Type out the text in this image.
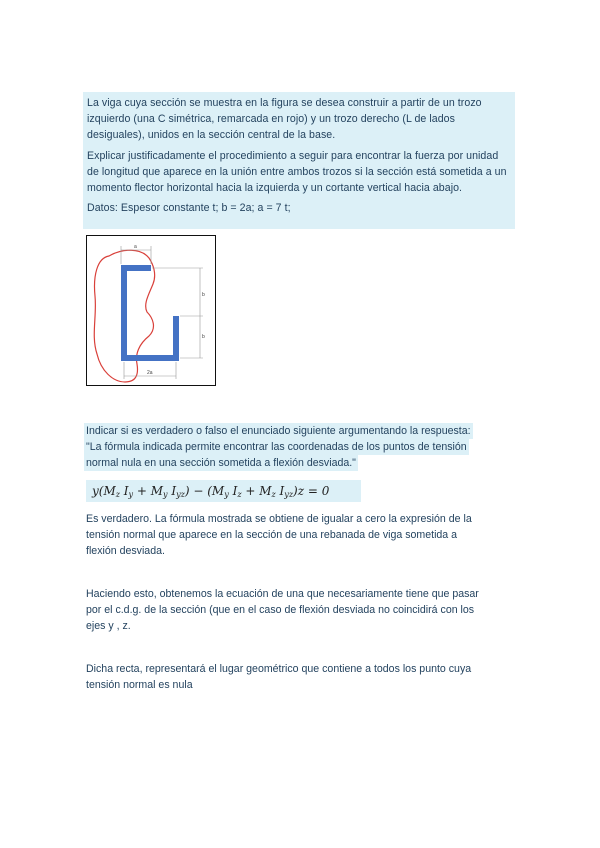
La viga cuya sección se muestra en la figura se desea construir a partir de un trozo izquierdo (una C simétrica, remarcada en rojo) y un trozo derecho (L de lados desiguales), unidos en la sección central de la base.

Explicar justificadamente el procedimiento a seguir para encontrar la fuerza por unidad de longitud que aparece en la unión entre ambos trozos si la sección está sometida a un momento flector horizontal hacia la izquierda y un cortante vertical hacia abajo.

Datos: Espesor constante t; b = 2a; a = 7 t;

a
b
b
2a
Indicar si es verdadero o falso el enunciado siguiente argumentando la respuesta:
"La fórmula indicada permite encontrar las coordenadas de los puntos de tensión
normal nula en una sección sometida a flexión desviada."
$y(M_z$ $I_y + M_y$ $I_{yz}) - (M_y$ $I_z + M_z$ $I_{yz})z = 0$

Es verdadero. La fórmula mostrada se obtiene de igualar a cero la expresión de la

tensión normal que aparece en la sección de una rebanada de viga sometida a

flexión desviada.

Haciendo esto, obtenemos la ecuación de una que necesariamente tiene que pasar

por el c.d.g. de la sección (que en el caso de flexión desviada no coincidirá con los

ejes y , z.

Dicha recta, representará el lugar geométrico que contiene a todos los punto cuya

tensión normal es nula
